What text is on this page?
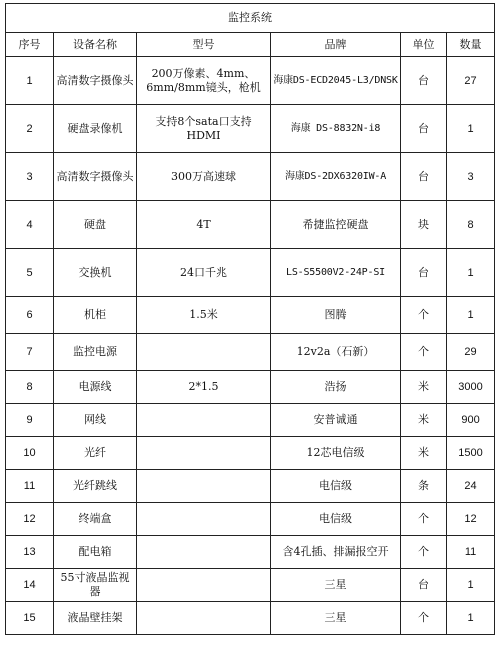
监控系统					
序号	设备名称	型号	品牌	单位	数量
1	高清数字摄像头	200万像素、4mm、6mm/8mm镜头，枪机	海康DS-ECD2045-L3/DNSK	台	27
2	硬盘录像机	支持8个sata口支持HDMI	海康 DS-8832N-i8	台	1
3	高清数字摄像头	300万高速球	海康DS-2DX6320IW-A	台	3
4	硬盘	4T	希捷监控硬盘	块	8
5	交换机	24口千兆	LS-S5500V2-24P-SI	台	1
6	机柜	1.5米	图腾	个	1
7	监控电源		12v2a（石新）	个	29
8	电源线	2*1.5	浩扬	米	3000
9	网线		安普诚通	米	900
10	光纤		12芯电信级	米	1500
11	光纤跳线		电信级	条	24
12	终端盒		电信级	个	12
13	配电箱		含4孔插、排漏报空开	个	11
14	55寸液晶监视器		三星	台	1
15	液晶壁挂架		三星	个	1
